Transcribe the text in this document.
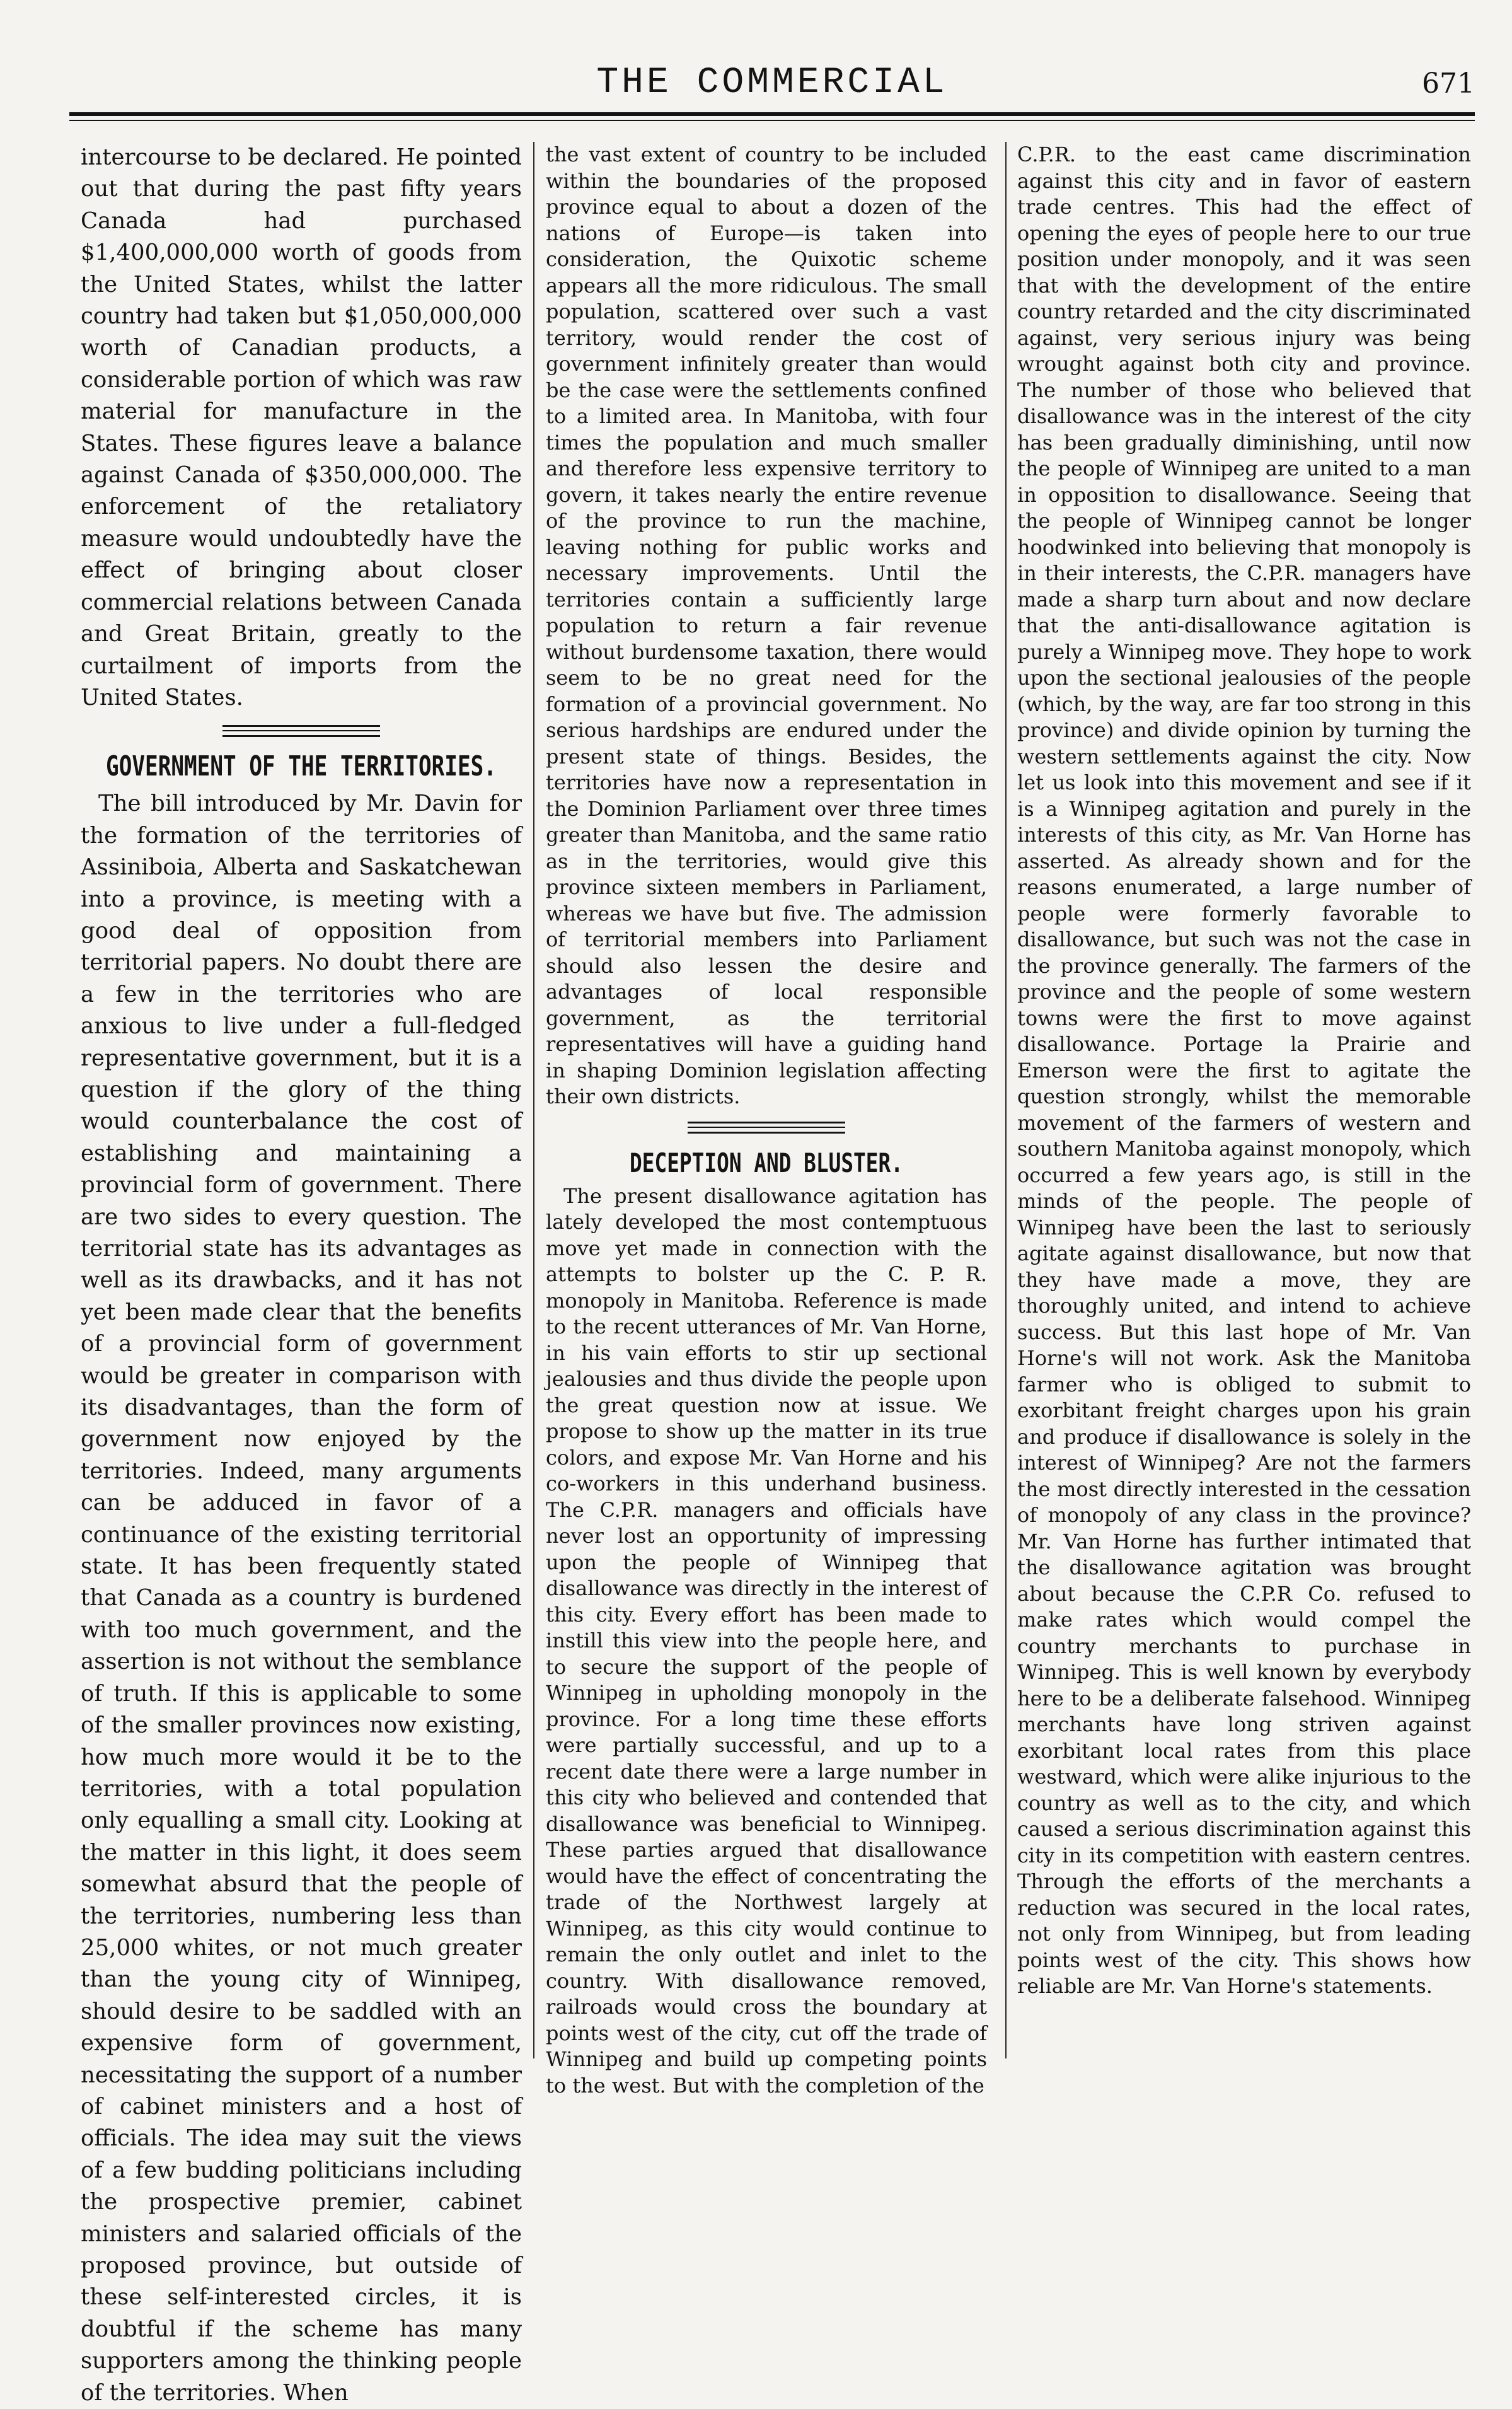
THE COMMERCIAL	671

intercourse to be declared. He pointed out that during the past fifty years Canada had purchased $1,400,000,000 worth of goods from the United States, whilst the latter country had taken but $1,050,000,000 worth of Canadian products, a considerable portion of which was raw material for manufacture in the States. These figures leave a balance against Canada of $350,000,000. The enforcement of the retaliatory measure would undoubtedly have the effect of bringing about closer commercial relations between Canada and Great Britain, greatly to the curtailment of imports from the United States.

GOVERNMENT OF THE TERRITORIES.

The bill introduced by Mr. Davin for the formation of the territories of Assiniboia, Alberta and Saskatchewan into a province, is meeting with a good deal of opposition from territorial papers. No doubt there are a few in the territories who are anxious to live under a full-fledged representative government, but it is a question if the glory of the thing would counterbalance the cost of establishing and maintaining a provincial form of government. There are two sides to every question. The territorial state has its advantages as well as its drawbacks, and it has not yet been made clear that the benefits of a provincial form of government would be greater in comparison with its disadvantages, than the form of government now enjoyed by the territories. Indeed, many arguments can be adduced in favor of a continuance of the existing territorial state. It has been frequently stated that Canada as a country is burdened with too much government, and the assertion is not without the semblance of truth. If this is applicable to some of the smaller provinces now existing, how much more would it be to the territories, with a total population only equalling a small city. Looking at the matter in this light, it does seem somewhat absurd that the people of the territories, numbering less than 25,000 whites, or not much greater than the young city of Winnipeg, should desire to be saddled with an expensive form of government, necessitating the support of a number of cabinet ministers and a host of officials. The idea may suit the views of a few budding politicians including the prospective premier, cabinet ministers and salaried officials of the proposed province, but outside of these self-interested circles, it is doubtful if the scheme has many supporters among the thinking people of the territories. When

the vast extent of country to be included within the boundaries of the proposed province equal to about a dozen of the nations of Europe—is taken into consideration, the Quixotic scheme appears all the more ridiculous. The small population, scattered over such a vast territory, would render the cost of government infinitely greater than would be the case were the settlements confined to a limited area. In Manitoba, with four times the population and much smaller and therefore less expensive territory to govern, it takes nearly the entire revenue of the province to run the machine, leaving nothing for public works and necessary improvements. Until the territories contain a sufficiently large population to return a fair revenue without burdensome taxation, there would seem to be no great need for the formation of a provincial government. No serious hardships are endured under the present state of things. Besides, the territories have now a representation in the Dominion Parliament over three times greater than Manitoba, and the same ratio as in the territories, would give this province sixteen members in Parliament, whereas we have but five. The admission of territorial members into Parliament should also lessen the desire and advantages of local responsible government, as the territorial representatives will have a guiding hand in shaping Dominion legislation affecting their own districts.

DECEPTION AND BLUSTER.

The present disallowance agitation has lately developed the most contemptuous move yet made in connection with the attempts to bolster up the C. P. R. monopoly in Manitoba. Reference is made to the recent utterances of Mr. Van Horne, in his vain efforts to stir up sectional jealousies and thus divide the people upon the great question now at issue. We propose to show up the matter in its true colors, and expose Mr. Van Horne and his co-workers in this underhand business. The C.P.R. managers and officials have never lost an opportunity of impressing upon the people of Winnipeg that disallowance was directly in the interest of this city. Every effort has been made to instill this view into the people here, and to secure the support of the people of Winnipeg in upholding monopoly in the province. For a long time these efforts were partially successful, and up to a recent date there were a large number in this city who believed and contended that disallowance was beneficial to Winnipeg. These parties argued that disallowance would have the effect of concentrating the trade of the Northwest largely at Winnipeg, as this city would continue to remain the only outlet and inlet to the country. With disallowance removed, railroads would cross the boundary at points west of the city, cut off the trade of Winnipeg and build up competing points to the west. But with the completion of the

C.P.R. to the east came discrimination against this city and in favor of eastern trade centres. This had the effect of opening the eyes of people here to our true position under monopoly, and it was seen that with the development of the entire country retarded and the city discriminated against, very serious injury was being wrought against both city and province. The number of those who believed that disallowance was in the interest of the city has been gradually diminishing, until now the people of Winnipeg are united to a man in opposition to disallowance. Seeing that the people of Winnipeg cannot be longer hoodwinked into believing that monopoly is in their interests, the C.P.R. managers have made a sharp turn about and now declare that the anti-disallowance agitation is purely a Winnipeg move. They hope to work upon the sectional jealousies of the people (which, by the way, are far too strong in this province) and divide opinion by turning the western settlements against the city. Now let us look into this movement and see if it is a Winnipeg agitation and purely in the interests of this city, as Mr. Van Horne has asserted. As already shown and for the reasons enumerated, a large number of people were formerly favorable to disallowance, but such was not the case in the province generally. The farmers of the province and the people of some western towns were the first to move against disallowance. Portage la Prairie and Emerson were the first to agitate the question strongly, whilst the memorable movement of the farmers of western and southern Manitoba against monopoly, which occurred a few years ago, is still in the minds of the people. The people of Winnipeg have been the last to seriously agitate against disallowance, but now that they have made a move, they are thoroughly united, and intend to achieve success. But this last hope of Mr. Van Horne's will not work. Ask the Manitoba farmer who is obliged to submit to exorbitant freight charges upon his grain and produce if disallowance is solely in the interest of Winnipeg? Are not the farmers the most directly interested in the cessation of monopoly of any class in the province? Mr. Van Horne has further intimated that the disallowance agitation was brought about because the C.P.R Co. refused to make rates which would compel the country merchants to purchase in Winnipeg. This is well known by everybody here to be a deliberate falsehood. Winnipeg merchants have long striven against exorbitant local rates from this place westward, which were alike injurious to the country as well as to the city, and which caused a serious discrimination against this city in its competition with eastern centres. Through the efforts of the merchants a reduction was secured in the local rates, not only from Winnipeg, but from leading points west of the city. This shows how reliable are Mr. Van Horne's statements.
